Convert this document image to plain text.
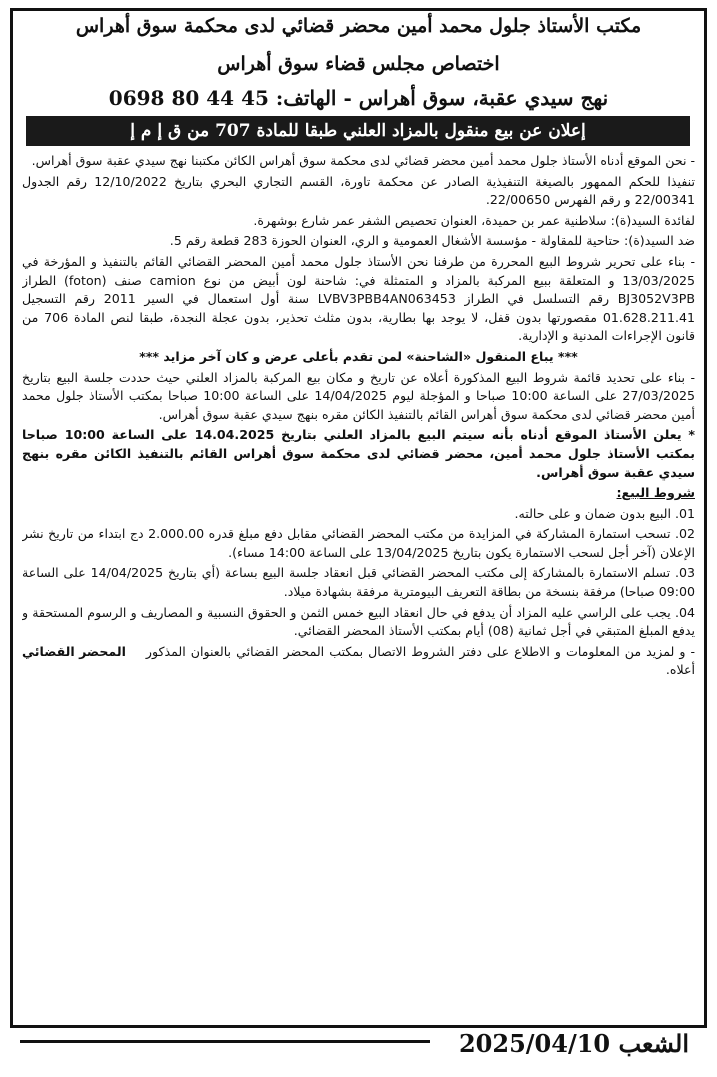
مكتب الأستاذ جلول محمد أمين محضر قضائي لدى محكمة سوق أهراس
اختصاص مجلس قضاء سوق أهراس
نهج سيدي عقبة، سوق أهراس - الهاتف: 45 44 80 0698
إعلان عن بيع منقول بالمزاد العلني طبقا للمادة 707 من ق إ م إ

- نحن الموقع أدناه الأستاذ جلول محمد أمين محضر قضائي لدى محكمة سوق أهراس الكائن مكتبنا نهج سيدي عقبة سوق أهراس.

تنفيذا للحكم الممهور بالصيغة التنفيذية الصادر عن محكمة تاورة، القسم التجاري البحري بتاريخ 12/10/2022 رقم الجدول 22/00341 و رقم الفهرس 22/00650.

لفائدة السيد(ة): سلاطنية عمر بن حميدة، العنوان تحصيص الشفر عمر شارع بوشهرة.

ضد السيد(ة): حتاحية للمقاولة - مؤسسة الأشغال العمومية و الري، العنوان الحوزة 283 قطعة رقم 5.

- بناء على تحرير شروط البيع المحررة من طرفنا نحن الأستاذ جلول محمد أمين المحضر القضائي القائم بالتنفيذ و المؤرخة في 13/03/2025 و المتعلقة ببيع المركبة بالمزاد و المتمثلة في: شاحنة لون أبيض من نوع camion صنف (foton) الطراز BJ3052V3PB رقم التسلسل في الطراز LVBV3PBB4AN063453 سنة أول استعمال في السير 2011 رقم التسجيل 01.628.211.41 مقصورتها بدون قفل، لا يوجد بها بطارية، بدون مثلث تحذير، بدون عجلة النجدة، طبقا لنص المادة 706 من قانون الإجراءات المدنية و الإدارية.

*** يباع المنقول «الشاحنة» لمن تقدم بأعلى عرض و كان آخر مزايد ***

- بناء على تحديد قائمة شروط البيع المذكورة أعلاه عن تاريخ و مكان بيع المركبة بالمزاد العلني حيث حددت جلسة البيع بتاريخ 27/03/2025 على الساعة 10:00 صباحا و المؤجلة ليوم 14/04/2025 على الساعة 10:00 صباحا بمكتب الأستاذ جلول محمد أمين محضر قضائي لدى محكمة سوق أهراس القائم بالتنفيذ الكائن مقره بنهج سيدي عقبة سوق أهراس.

* يعلن الأستاذ الموقع أدناه بأنه سيتم البيع بالمزاد العلني بتاريخ 14.04.2025 على الساعة 10:00 صباحا بمكتب الأستاذ جلول محمد أمين، محضر قضائي لدى محكمة سوق أهراس القائم بالتنفيذ الكائن مقره بنهج سيدي عقبة سوق أهراس.

شروط البيع:

01. البيع بدون ضمان و على حالته.

02. تسحب استمارة المشاركة في المزايدة من مكتب المحضر القضائي مقابل دفع مبلغ قدره 2.000.00 دج ابتداء من تاريخ نشر الإعلان (آخر أجل لسحب الاستمارة يكون بتاريخ 13/04/2025 على الساعة 14:00 مساء).

03. تسلم الاستمارة بالمشاركة إلى مكتب المحضر القضائي قبل انعقاد جلسة البيع بساعة (أي بتاريخ 14/04/2025 على الساعة 09:00 صباحا) مرفقة بنسخة من بطاقة التعريف البيومترية مرفقة بشهادة ميلاد.

04. يجب على الراسي عليه المزاد أن يدفع في حال انعقاد البيع خمس الثمن و الحقوق النسبية و المصاريف و الرسوم المستحقة و يدفع المبلغ المتبقي في أجل ثمانية (08) أيام بمكتب الأستاذ المحضر القضائي.

- و لمزيد من المعلومات و الاطلاع على دفتر الشروط الاتصال بمكتب المحضر القضائي بالعنوان المذكور أعلاه.

المحضر القضائي

الشعب 2025/04/10
